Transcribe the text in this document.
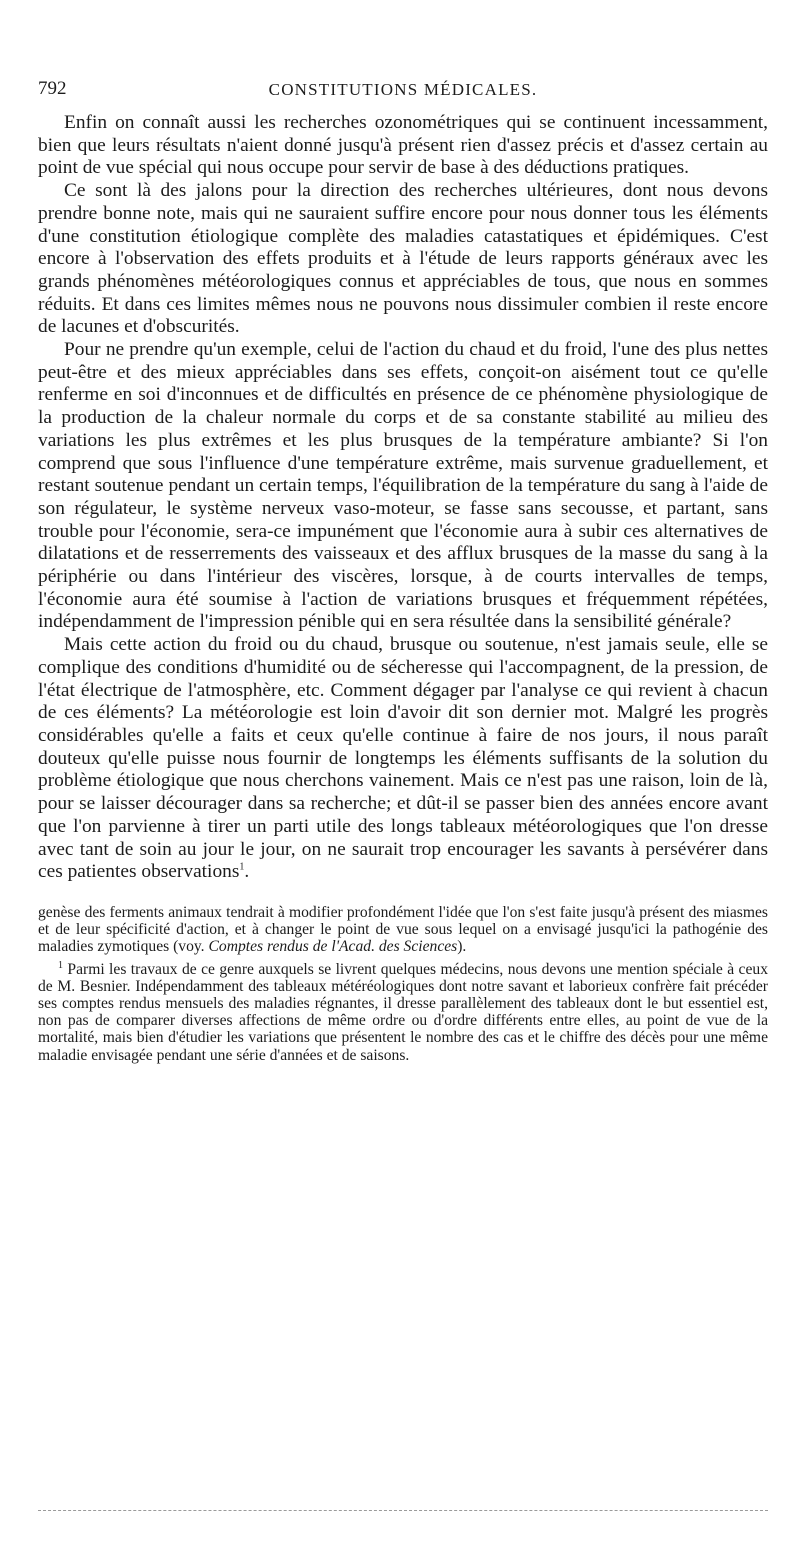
792	CONSTITUTIONS MÉDICALES.

Enfin on connaît aussi les recherches ozonométriques qui se continuent incessamment, bien que leurs résultats n'aient donné jusqu'à présent rien d'assez précis et d'assez certain au point de vue spécial qui nous occupe pour servir de base à des déductions pratiques.

Ce sont là des jalons pour la direction des recherches ultérieures, dont nous devons prendre bonne note, mais qui ne sauraient suffire encore pour nous donner tous les éléments d'une constitution étiologique complète des maladies catastatiques et épidémiques. C'est encore à l'observation des effets produits et à l'étude de leurs rapports généraux avec les grands phénomènes météorologiques connus et appréciables de tous, que nous en sommes réduits. Et dans ces limites mêmes nous ne pouvons nous dissimuler combien il reste encore de lacunes et d'obscurités.

Pour ne prendre qu'un exemple, celui de l'action du chaud et du froid, l'une des plus nettes peut-être et des mieux appréciables dans ses effets, conçoit-on aisément tout ce qu'elle renferme en soi d'inconnues et de difficultés en présence de ce phénomène physiologique de la production de la chaleur normale du corps et de sa constante stabilité au milieu des variations les plus extrêmes et les plus brusques de la température ambiante? Si l'on comprend que sous l'influence d'une température extrême, mais survenue graduellement, et restant soutenue pendant un certain temps, l'équilibration de la température du sang à l'aide de son régulateur, le système nerveux vaso-moteur, se fasse sans secousse, et partant, sans trouble pour l'économie, sera-ce impunément que l'économie aura à subir ces alternatives de dilatations et de resserrements des vaisseaux et des afflux brusques de la masse du sang à la périphérie ou dans l'intérieur des viscères, lorsque, à de courts intervalles de temps, l'économie aura été soumise à l'action de variations brusques et fréquemment répétées, indépendamment de l'impression pénible qui en sera résultée dans la sensibilité générale?

Mais cette action du froid ou du chaud, brusque ou soutenue, n'est jamais seule, elle se complique des conditions d'humidité ou de sécheresse qui l'accompagnent, de la pression, de l'état électrique de l'atmosphère, etc. Comment dégager par l'analyse ce qui revient à chacun de ces éléments? La météorologie est loin d'avoir dit son dernier mot. Malgré les progrès considérables qu'elle a faits et ceux qu'elle continue à faire de nos jours, il nous paraît douteux qu'elle puisse nous fournir de longtemps les éléments suffisants de la solution du problème étiologique que nous cherchons vainement. Mais ce n'est pas une raison, loin de là, pour se laisser décourager dans sa recherche; et dût-il se passer bien des années encore avant que l'on parvienne à tirer un parti utile des longs tableaux météorologiques que l'on dresse avec tant de soin au jour le jour, on ne saurait trop encourager les savants à persévérer dans ces patientes observations$^1$.

genèse des ferments animaux tendrait à modifier profondément l'idée que l'on s'est faite jusqu'à présent des miasmes et de leur spécificité d'action, et à changer le point de vue sous lequel on a envisagé jusqu'ici la pathogénie des maladies zymotiques (voy. Comptes rendus de l'Acad. des Sciences).

$^1$ Parmi les travaux de ce genre auxquels se livrent quelques médecins, nous devons une mention spéciale à ceux de M. Besnier. Indépendamment des tableaux météréologiques dont notre savant et laborieux confrère fait précéder ses comptes rendus mensuels des maladies régnantes, il dresse parallèlement des tableaux dont le but essentiel est, non pas de comparer diverses affections de même ordre ou d'ordre différents entre elles, au point de vue de la mortalité, mais bien d'étudier les variations que présentent le nombre des cas et le chiffre des décès pour une même maladie envisagée pendant une série d'années et de saisons.
